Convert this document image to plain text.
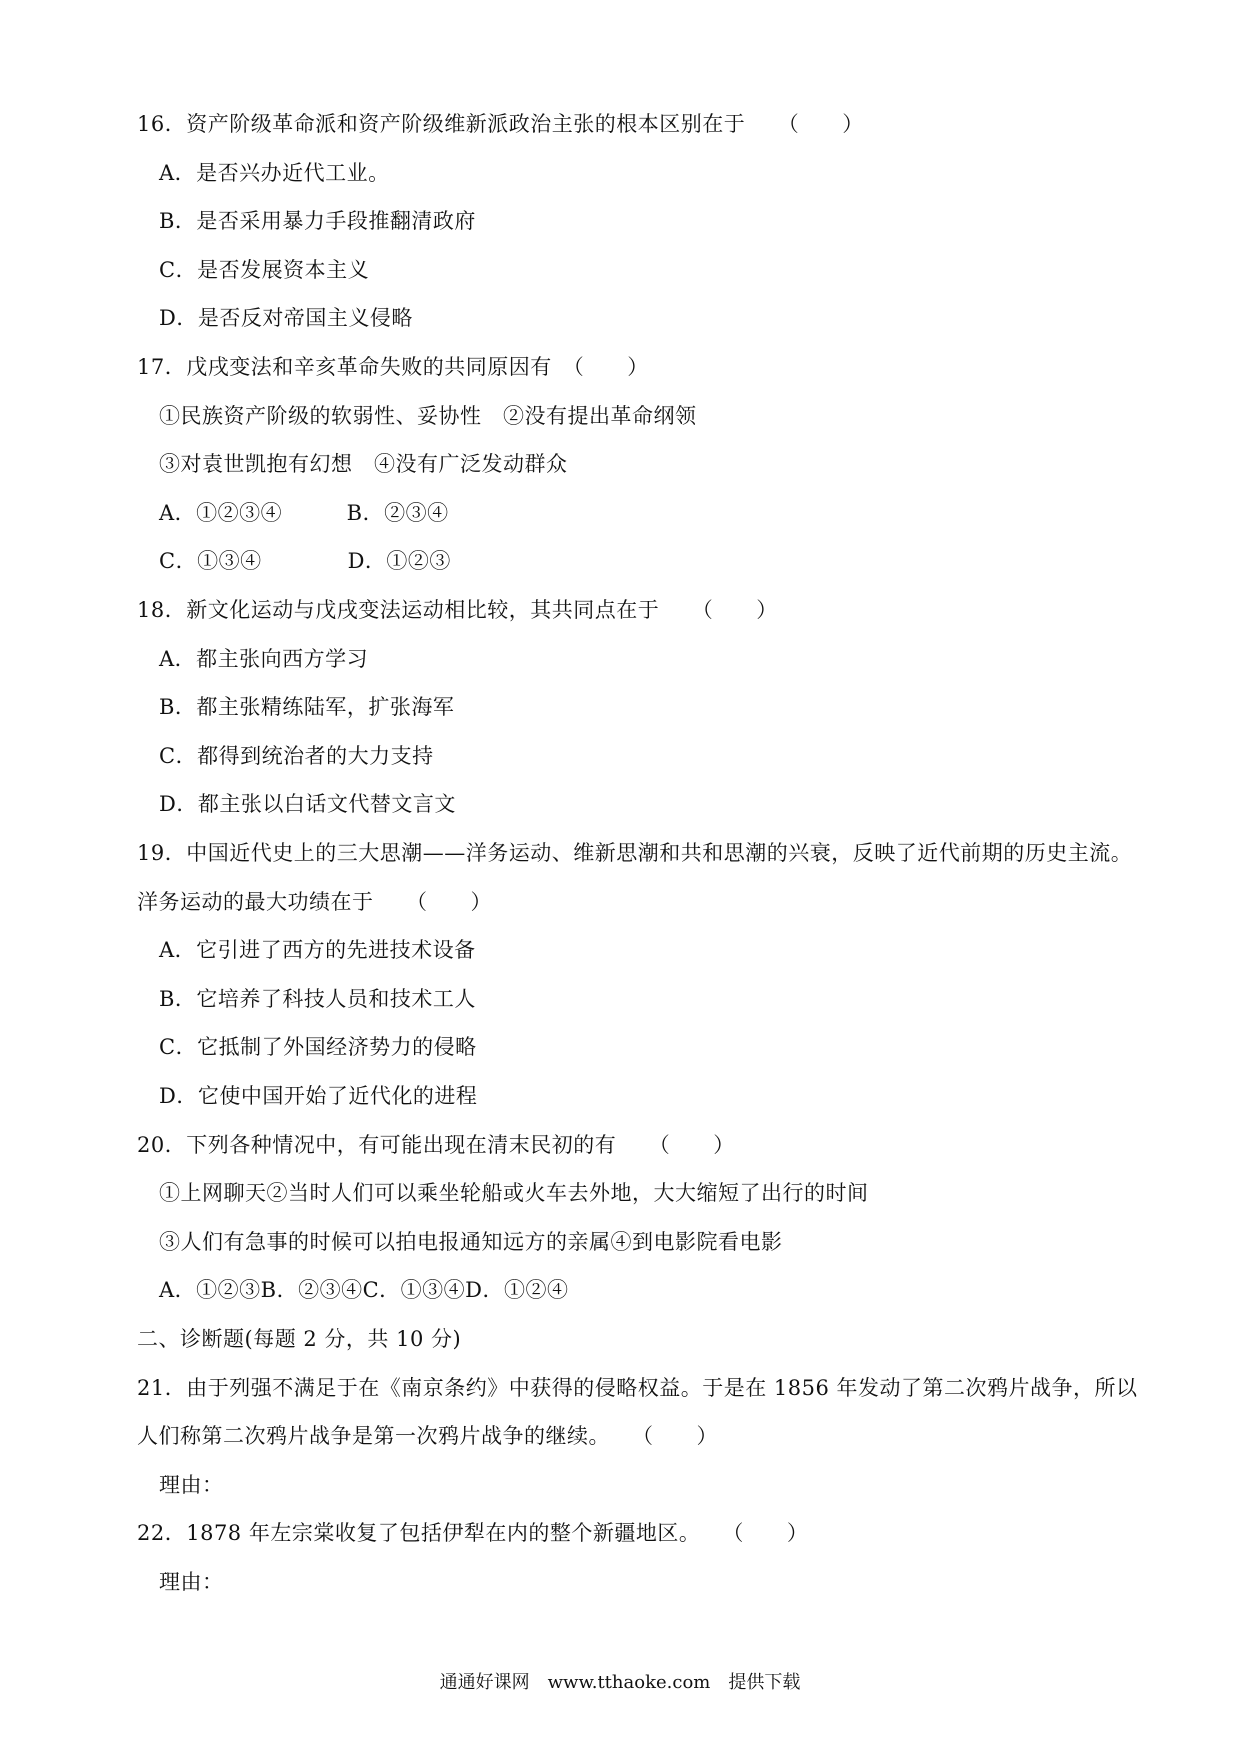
16．资产阶级革命派和资产阶级维新派政治主张的根本区别在于　　（　　）
A．是否兴办近代工业。
B．是否采用暴力手段推翻清政府
C．是否发展资本主义
D．是否反对帝国主义侵略
17．戊戌变法和辛亥革命失败的共同原因有　（　　）
①民族资产阶级的软弱性、妥协性　②没有提出革命纲领
③对袁世凯抱有幻想　④没有广泛发动群众
A．①②③④　　　B．②③④
C．①③④　　　　D．①②③
18．新文化运动与戊戌变法运动相比较，其共同点在于　　（　　）
A．都主张向西方学习
B．都主张精练陆军，扩张海军
C．都得到统治者的大力支持
D．都主张以白话文代替文言文
19．中国近代史上的三大思潮——洋务运动、维新思潮和共和思潮的兴衰，反映了近代前期的历史主流。
洋务运动的最大功绩在于　　（　　）
A．它引进了西方的先进技术设备
B．它培养了科技人员和技术工人
C．它抵制了外国经济势力的侵略
D．它使中国开始了近代化的进程
20．下列各种情况中，有可能出现在清末民初的有　　（　　）
①上网聊天②当时人们可以乘坐轮船或火车去外地，大大缩短了出行的时间
③人们有急事的时候可以拍电报通知远方的亲属④到电影院看电影
A．①②③B．②③④C．①③④D．①②④
二、诊断题(每题 2 分，共 10 分)
21．由于列强不满足于在《南京条约》中获得的侵略权益。于是在 1856 年发动了第二次鸦片战争，所以
人们称第二次鸦片战争是第一次鸦片战争的继续。　　（　　）
理由：
22．1878 年左宗棠收复了包括伊犁在内的整个新疆地区。　　（　　）
理由：
通通好课网　www.tthaoke.com　提供下载
